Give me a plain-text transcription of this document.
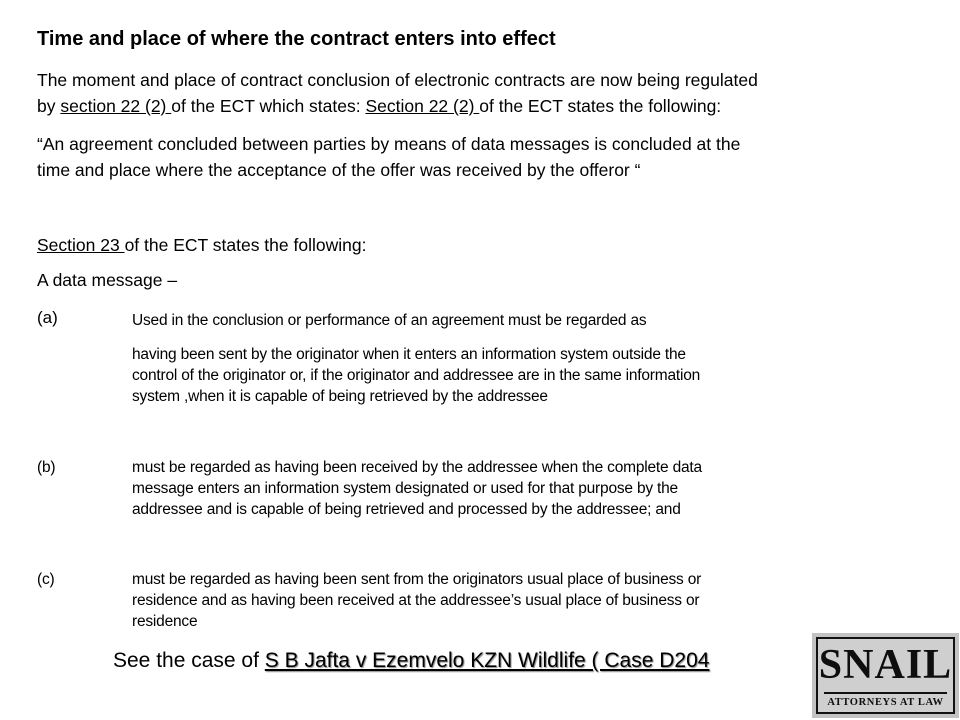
Time and place of where the contract enters into effect
The moment and place of contract conclusion of electronic contracts are now being regulated
by section 22 (2) of the ECT which states: Section 22 (2) of the ECT states the following:
“An agreement concluded between parties by means of data messages is concluded at the
time and place where the acceptance of the offer was received by the offeror “
Section 23 of the ECT states the following:
A data message –
(a)	Used in the conclusion or performance of an agreement must be regarded as
having been sent by the originator when it enters an information system outside the
control of the originator or, if the originator and addressee are in the same information
system ,when it is capable of being retrieved by the addressee
(b)	must be regarded as having been received by the addressee when the complete data
message enters an information system designated or used for that purpose by the
addressee and is capable of being retrieved and processed by the addressee; and
(c)	must be regarded as having been sent from the originators usual place of business or
residence and as having been received at the addressee’s usual place of business or
residence
See the case of S B Jafta v Ezemvelo KZN Wildlife ( Case D204	SNAIL
ATTORNEYS AT LAW
